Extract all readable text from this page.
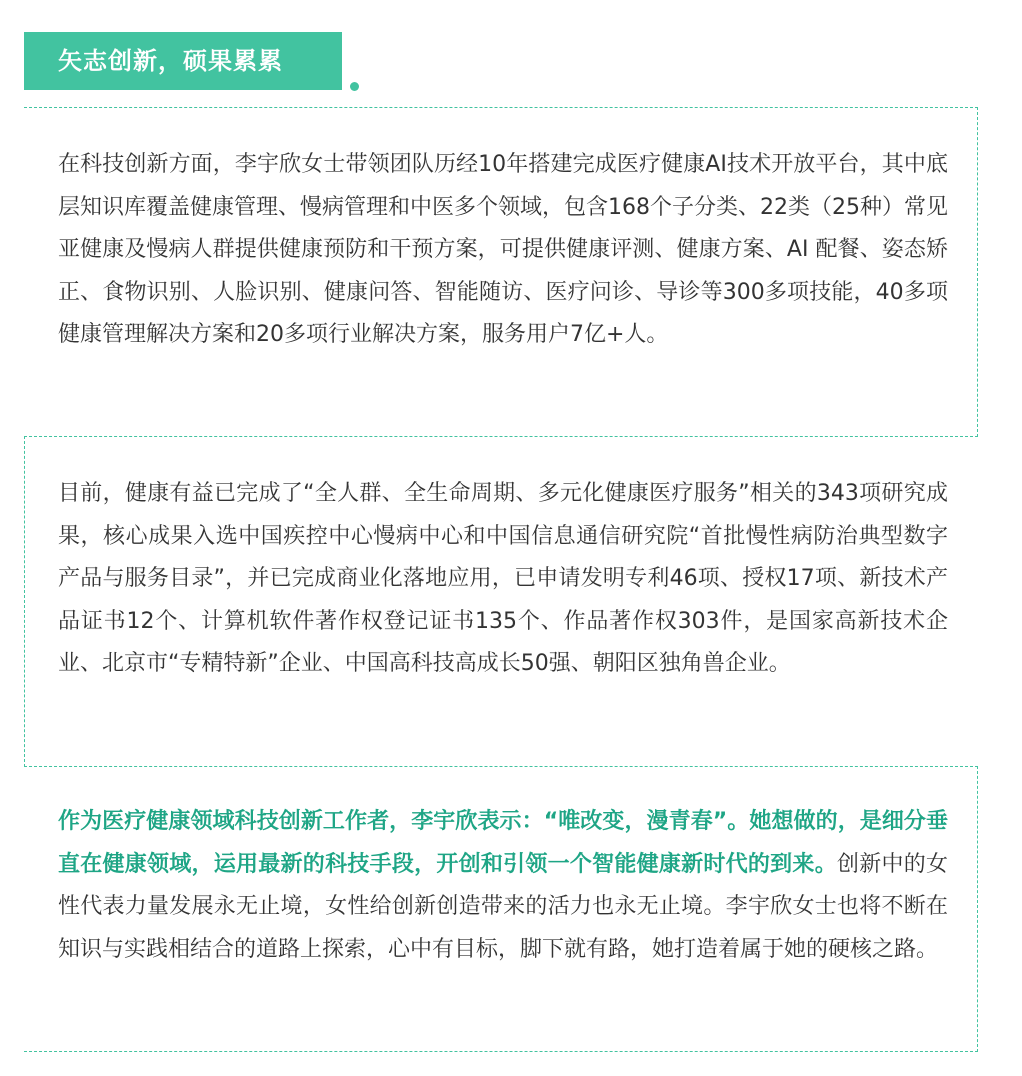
矢志创新，硕果累累

在科技创新方面，李宇欣女士带领团队历经10年搭建完成医疗健康AI技术开放平台，其中底层知识库覆盖健康管理、慢病管理和中医多个领域，包含168个子分类、22类（25种）常见亚健康及慢病人群提供健康预防和干预方案，可提供健康评测、健康方案、AI 配餐、姿态矫正、食物识别、人脸识别、健康问答、智能随访、医疗问诊、导诊等300多项技能，40多项健康管理解决方案和20多项行业解决方案，服务用户7亿+人。

目前，健康有益已完成了“全人群、全生命周期、多元化健康医疗服务”相关的343项研究成果，核心成果入选中国疾控中心慢病中心和中国信息通信研究院“首批慢性病防治典型数字产品与服务目录”，并已完成商业化落地应用，已申请发明专利46项、授权17项、新技术产品证书12个、计算机软件著作权登记证书135个、作品著作权303件，是国家高新技术企业、北京市“专精特新”企业、中国高科技高成长50强、朝阳区独角兽企业。

作为医疗健康领域科技创新工作者，李宇欣表示：“唯改变，漫青春”。她想做的，是细分垂直在健康领域，运用最新的科技手段，开创和引领一个智能健康新时代的到来。创新中的女性代表力量发展永无止境，女性给创新创造带来的活力也永无止境。李宇欣女士也将不断在知识与实践相结合的道路上探索，心中有目标，脚下就有路，她打造着属于她的硬核之路。
